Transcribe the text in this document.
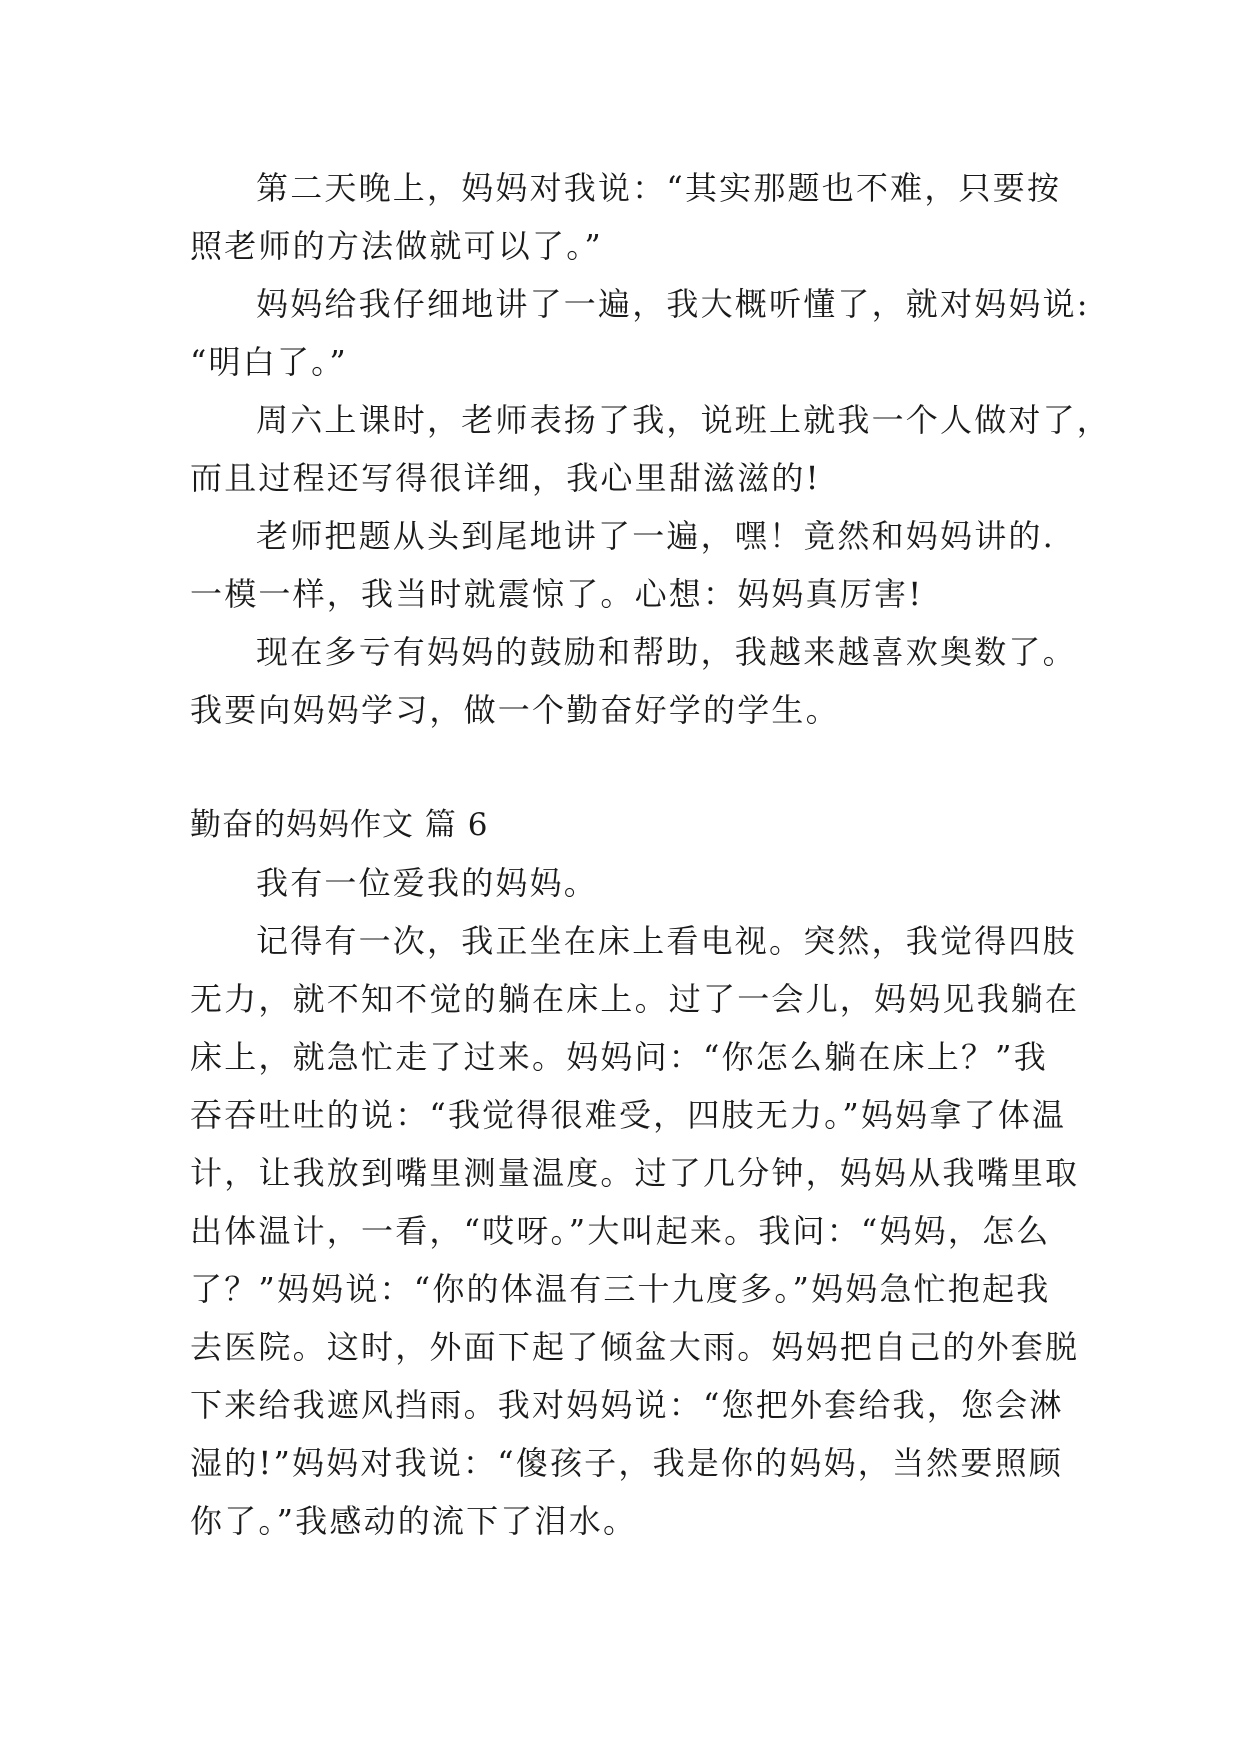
第二天晚上，妈妈对我说：“其实那题也不难，只要按
照老师的方法做就可以了。”
妈妈给我仔细地讲了一遍，我大概听懂了，就对妈妈说:
“明白了。”
周六上课时，老师表扬了我，说班上就我一个人做对了，
而且过程还写得很详细，我心里甜滋滋的!
老师把题从头到尾地讲了一遍，嘿！竟然和妈妈讲的.
一模一样，我当时就震惊了。心想：妈妈真厉害!
现在多亏有妈妈的鼓励和帮助，我越来越喜欢奥数了。
我要向妈妈学习，做一个勤奋好学的学生。
勤奋的妈妈作文 篇 6
我有一位爱我的妈妈。
记得有一次，我正坐在床上看电视。突然，我觉得四肢
无力，就不知不觉的躺在床上。过了一会儿，妈妈见我躺在
床上，就急忙走了过来。妈妈问：“你怎么躺在床上？”我
吞吞吐吐的说：“我觉得很难受，四肢无力。”妈妈拿了体温
计，让我放到嘴里测量温度。过了几分钟，妈妈从我嘴里取
出体温计，一看，“哎呀。”大叫起来。我问：“妈妈，怎么
了？”妈妈说：“你的体温有三十九度多。”妈妈急忙抱起我
去医院。这时，外面下起了倾盆大雨。妈妈把自己的外套脱
下来给我遮风挡雨。我对妈妈说：“您把外套给我，您会淋
湿的!”妈妈对我说：“傻孩子，我是你的妈妈，当然要照顾
你了。”我感动的流下了泪水。
